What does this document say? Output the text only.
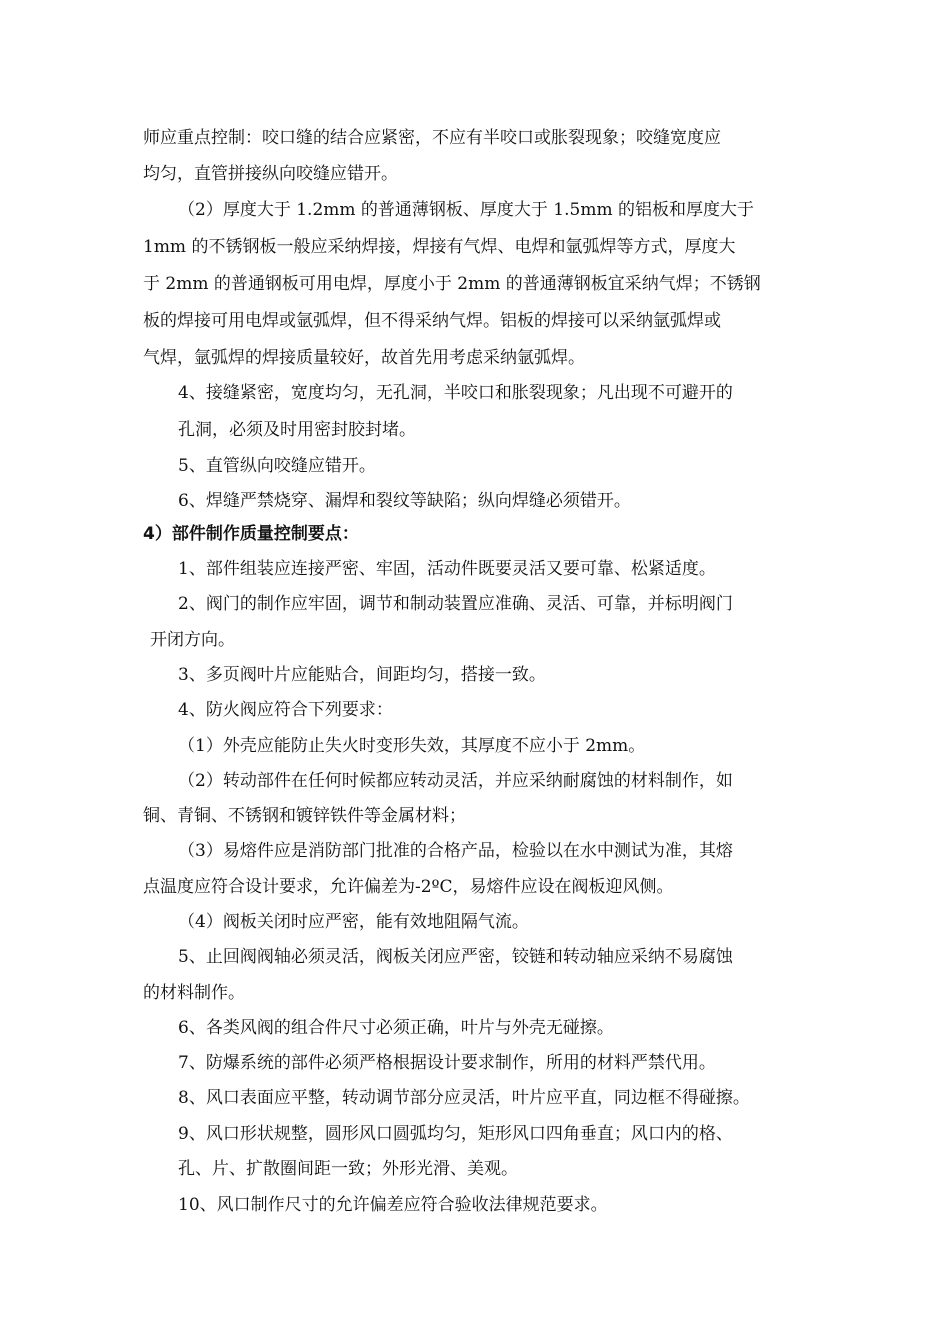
师应重点控制：咬口缝的结合应紧密，不应有半咬口或胀裂现象；咬缝宽度应
均匀，直管拼接纵向咬缝应错开。
（2）厚度大于 1.2mm 的普通薄钢板、厚度大于 1.5mm 的铝板和厚度大于
1mm 的不锈钢板一般应采纳焊接，焊接有气焊、电焊和氩弧焊等方式，厚度大
于 2mm 的普通钢板可用电焊，厚度小于 2mm 的普通薄钢板宜采纳气焊；不锈钢
板的焊接可用电焊或氩弧焊，但不得采纳气焊。铝板的焊接可以采纳氩弧焊或
气焊，氩弧焊的焊接质量较好，故首先用考虑采纳氩弧焊。
4、接缝紧密，宽度均匀，无孔洞，半咬口和胀裂现象；凡出现不可避开的
孔洞，必须及时用密封胶封堵。
5、直管纵向咬缝应错开。
6、焊缝严禁烧穿、漏焊和裂纹等缺陷；纵向焊缝必须错开。
4）部件制作质量控制要点：
1、部件组装应连接严密、牢固，活动件既要灵活又要可靠、松紧适度。
2、阀门的制作应牢固，调节和制动装置应准确、灵活、可靠，并标明阀门
开闭方向。
3、多页阀叶片应能贴合，间距均匀，搭接一致。
4、防火阀应符合下列要求：
（1）外壳应能防止失火时变形失效，其厚度不应小于 2mm。
（2）转动部件在任何时候都应转动灵活，并应采纳耐腐蚀的材料制作，如
铜、青铜、不锈钢和镀锌铁件等金属材料；
（3）易熔件应是消防部门批准的合格产品，检验以在水中测试为准，其熔
点温度应符合设计要求，允许偏差为-2ºC，易熔件应设在阀板迎风侧。
（4）阀板关闭时应严密，能有效地阻隔气流。
5、止回阀阀轴必须灵活，阀板关闭应严密，铰链和转动轴应采纳不易腐蚀
的材料制作。
6、各类风阀的组合件尺寸必须正确，叶片与外壳无碰擦。
7、防爆系统的部件必须严格根据设计要求制作，所用的材料严禁代用。
8、风口表面应平整，转动调节部分应灵活，叶片应平直，同边框不得碰擦。
9、风口形状规整，圆形风口圆弧均匀，矩形风口四角垂直；风口内的格、
孔、片、扩散圈间距一致；外形光滑、美观。
10、风口制作尺寸的允许偏差应符合验收法律规范要求。
